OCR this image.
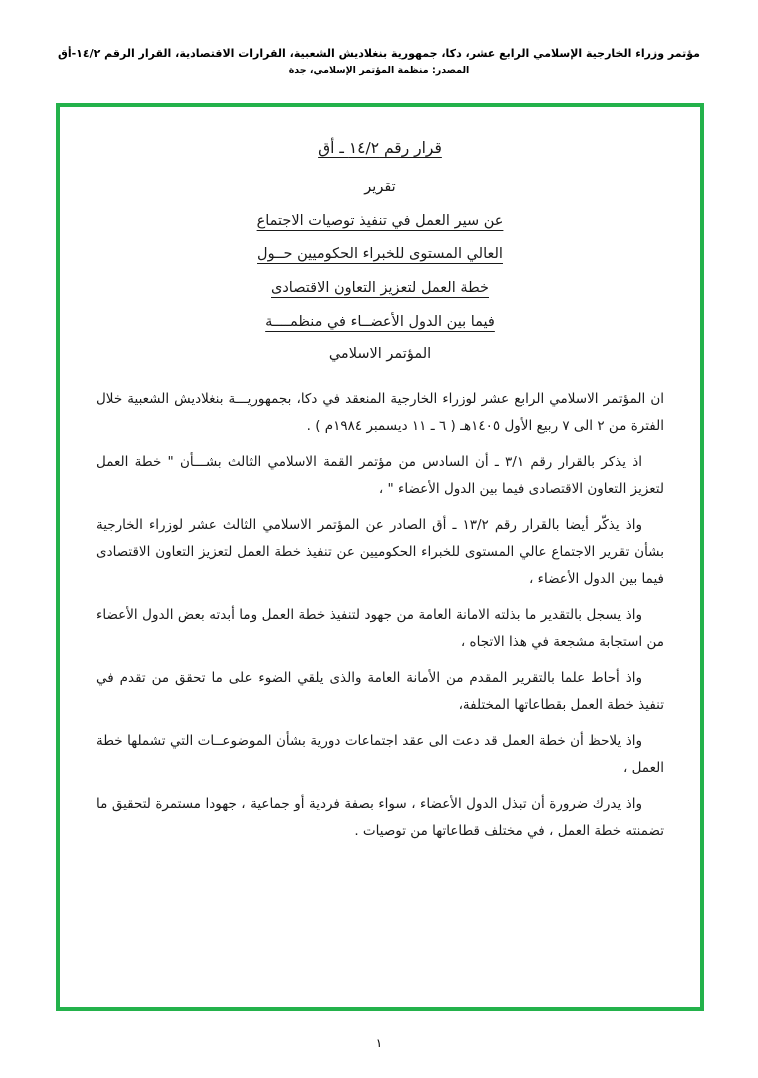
مؤتمر وزراء الخارجية الإسلامي الرابع عشر، دكا، جمهورية بنغلاديش الشعبية، القرارات الاقتصادية، القرار الرقم ١٤/٢-أق
المصدر: منظمة المؤتمر الإسلامي، جدة
قرار رقم ١٤/٢ ـ أق
تقرير
عن سير العمل في تنفيذ توصيات الاجتماع
العالي المستوى للخبراء الحكوميين حــول
خطة العمل لتعزيز التعاون الاقتصادى
فيما بين الدول الأعضــاء في منظمــــة
المؤتمر الاسلامي

ان المؤتمر الاسلامي الرابع عشر لوزراء الخارجية المنعقد في دكا، بجمهوريـــة بنغلاديش الشعبية خلال الفترة من ٢ الى ٧ ربيع الأول ١٤٠٥هـ ( ٦ ـ ١١ ديسمبر ١٩٨٤م ) .

اذ يذكر بالقرار رقم ٣/١ ـ أن السادس من مؤتمر القمة الاسلامي الثالث بشـــأن " خطة العمل لتعزيز التعاون الاقتصادى فيما بين الدول الأعضاء " ،

واذ يذكّر أيضا بالقرار رقم ١٣/٢ ـ أق الصادر عن المؤتمر الاسلامي الثالث عشر لوزراء الخارجية بشأن تقرير الاجتماع عالي المستوى للخبراء الحكوميين عن تنفيذ خطة العمل لتعزيز التعاون الاقتصادى فيما بين الدول الأعضاء ،

واذ يسجل بالتقدير ما بذلته الامانة العامة من جهود لتنفيذ خطة العمل وما أبدته بعض الدول الأعضاء من استجابة مشجعة في هذا الاتجاه ،

واذ أحاط علما بالتقرير المقدم من الأمانة العامة والذى يلقي الضوء على ما تحقق من تقدم في تنفيذ خطة العمل بقطاعاتها المختلفة،

واذ يلاحظ أن خطة العمل قد دعت الى عقد اجتماعات دورية بشأن الموضوعــات التي تشملها خطة العمل ،

واذ يدرك ضرورة أن تبذل الدول الأعضاء ، سواء بصفة فردية أو جماعية ، جهودا مستمرة لتحقيق ما تضمنته خطة العمل ، في مختلف قطاعاتها من توصيات .

١
